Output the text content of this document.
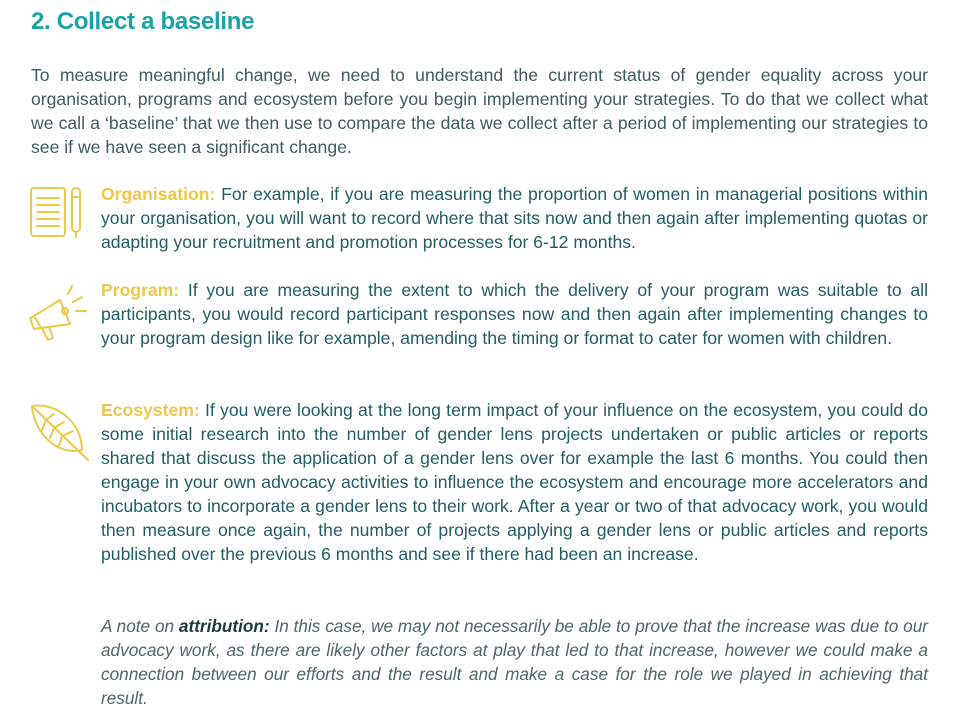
2. Collect a baseline

To measure meaningful change, we need to understand the current status of gender equality across your organisation, programs and ecosystem before you begin implementing your strategies. To do that we collect what we call a ‘baseline’ that we then use to compare the data we collect after a period of implementing our strategies to see if we have seen a significant change.

Organisation: For example, if you are measuring the proportion of women in managerial positions within your organisation, you will want to record where that sits now and then again after implementing quotas or adapting your recruitment and promotion processes for 6-12 months.

Program: If you are measuring the extent to which the delivery of your program was suitable to all participants, you would record participant responses now and then again after implementing changes to your program design like for example, amending the timing or format to cater for women with children.

Ecosystem: If you were looking at the long term impact of your influence on the ecosystem, you could do some initial research into the number of gender lens projects undertaken or public articles or reports shared that discuss the application of a gender lens over for example the last 6 months. You could then engage in your own advocacy activities to influence the ecosystem and encourage more accelerators and incubators to incorporate a gender lens to their work. After a year or two of that advocacy work, you would then measure once again, the number of projects applying a gender lens or public articles and reports published over the previous 6 months and see if there had been an increase.

A note on attribution: In this case, we may not necessarily be able to prove that the increase was due to our advocacy work, as there are likely other factors at play that led to that increase, however we could make a connection between our efforts and the result and make a case for the role we played in achieving that result.
